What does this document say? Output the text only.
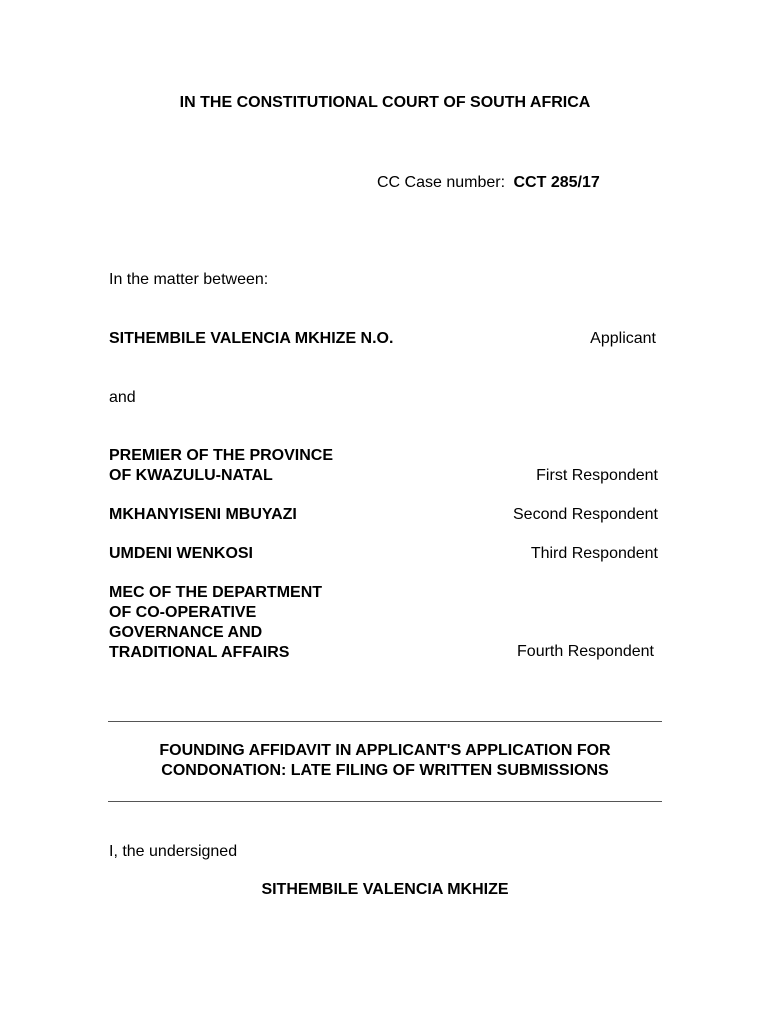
IN THE CONSTITUTIONAL COURT OF SOUTH AFRICA
CC Case number: CCT 285/17
In the matter between:
SITHEMBILE VALENCIA MKHIZE N.O.	Applicant
and
PREMIER OF THE PROVINCE
OF KWAZULU-NATAL	First Respondent
MKHANYISENI MBUYAZI	Second Respondent
UMDENI WENKOSI	Third Respondent
MEC OF THE DEPARTMENT
OF CO-OPERATIVE
GOVERNANCE AND
TRADITIONAL AFFAIRS	Fourth Respondent
FOUNDING AFFIDAVIT IN APPLICANT'S APPLICATION FOR
CONDONATION: LATE FILING OF WRITTEN SUBMISSIONS
I, the undersigned
SITHEMBILE VALENCIA MKHIZE
